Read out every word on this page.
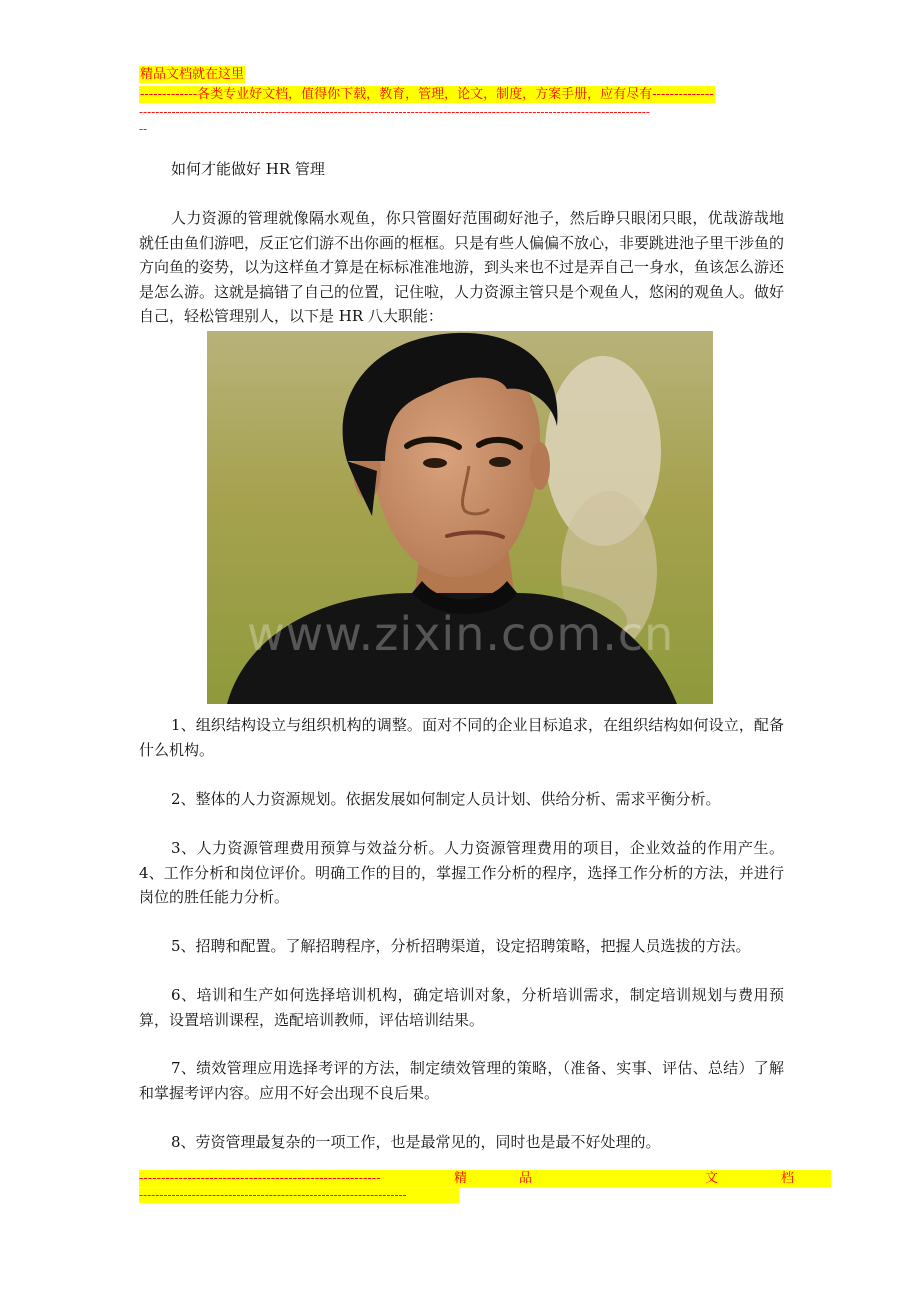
精品文档就在这里
-------------各类专业好文档，值得你下载，教育，管理，论文，制度，方案手册，应有尽有--------------
------------------------------------------------------------------------------------------------------------------------------
--
如何才能做好 HR 管理
人力资源的管理就像隔水观鱼，你只管圈好范围砌好池子，然后睁只眼闭只眼，优哉游哉地就任由鱼们游吧，反正它们游不出你画的框框。只是有些人偏偏不放心，非要跳进池子里干涉鱼的方向鱼的姿势，以为这样鱼才算是在标标准准地游，到头来也不过是弄自己一身水，鱼该怎么游还是怎么游。这就是搞错了自己的位置，记住啦，人力资源主管只是个观鱼人，悠闲的观鱼人。做好自己，轻松管理别人，以下是 HR 八大职能：
www.zixin.com.cn
1、组织结构设立与组织机构的调整。面对不同的企业目标追求，在组织结构如何设立，配备什么机构。
2、整体的人力资源规划。依据发展如何制定人员计划、供给分析、需求平衡分析。
3、人力资源管理费用预算与效益分析。人力资源管理费用的项目，企业效益的作用产生。4、工作分析和岗位评价。明确工作的目的，掌握工作分析的程序，选择工作分析的方法，并进行岗位的胜任能力分析。
5、招聘和配置。了解招聘程序，分析招聘渠道，设定招聘策略，把握人员选拔的方法。
6、培训和生产如何选择培训机构，确定培训对象，分析培训需求，制定培训规划与费用预算，设置培训课程，选配培训教师，评估培训结果。
7、绩效管理应用选择考评的方法，制定绩效管理的策略，（准备、实事、评估、总结）了解和掌握考评内容。应用不好会出现不良后果。
8、劳资管理最复杂的一项工作，也是最常见的，同时也是最不好处理的。
-------------------------------------------------------	精	品	文	档
------------------------------------------------------------------
